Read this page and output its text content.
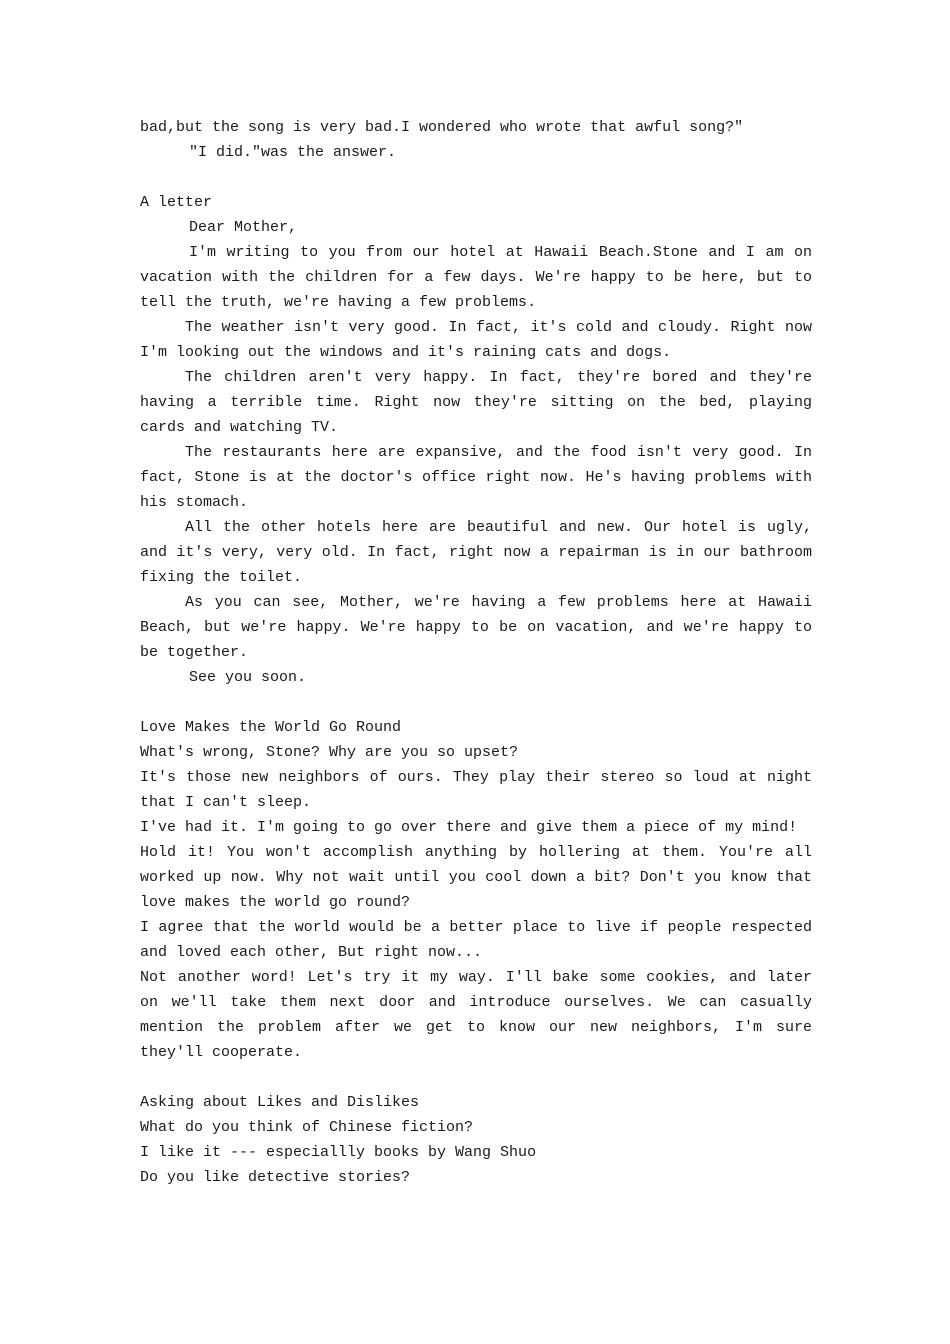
bad,but the song is very bad.I wondered who wrote that awful song?"

"I did."was the answer.

A letter

Dear Mother,

I'm writing to you from our hotel at Hawaii Beach.Stone and I am on vacation with the children for a few days. We're happy to be here, but to tell the truth, we're having a few problems.

The weather isn't very good. In fact, it's cold and cloudy. Right now I'm looking out the windows and it's raining cats and dogs.

The children aren't very happy. In fact, they're bored and they're having a terrible time. Right now they're sitting on the bed, playing cards and watching TV.

The restaurants here are expansive, and the food isn't very good. In fact, Stone is at the doctor's office right now. He's having problems with his stomach.

All the other hotels here are beautiful and new. Our hotel is ugly, and it's very, very old. In fact, right now a repairman is in our bathroom fixing the toilet.

As you can see, Mother, we're having a few problems here at Hawaii Beach, but we're happy. We're happy to be on vacation, and we're happy to be together.

See you soon.

Love Makes the World Go Round

What's wrong, Stone? Why are you so upset?

It's those new neighbors of ours. They play their stereo so loud at night that I can't sleep.

I've had it. I'm going to go over there and give them a piece of my mind!

Hold it! You won't accomplish anything by hollering at them. You're all worked up now. Why not wait until you cool down a bit? Don't you know that love makes the world go round?

I agree that the world would be a better place to live if people respected and loved each other, But right now...

Not another word! Let's try it my way. I'll bake some cookies, and later on we'll take them next door and introduce ourselves. We can casually mention the problem after we get to know our new neighbors, I'm sure they'll cooperate.

Asking about Likes and Dislikes

What do you think of Chinese fiction?

I like it --- especiallly books by Wang Shuo

Do you like detective stories?
